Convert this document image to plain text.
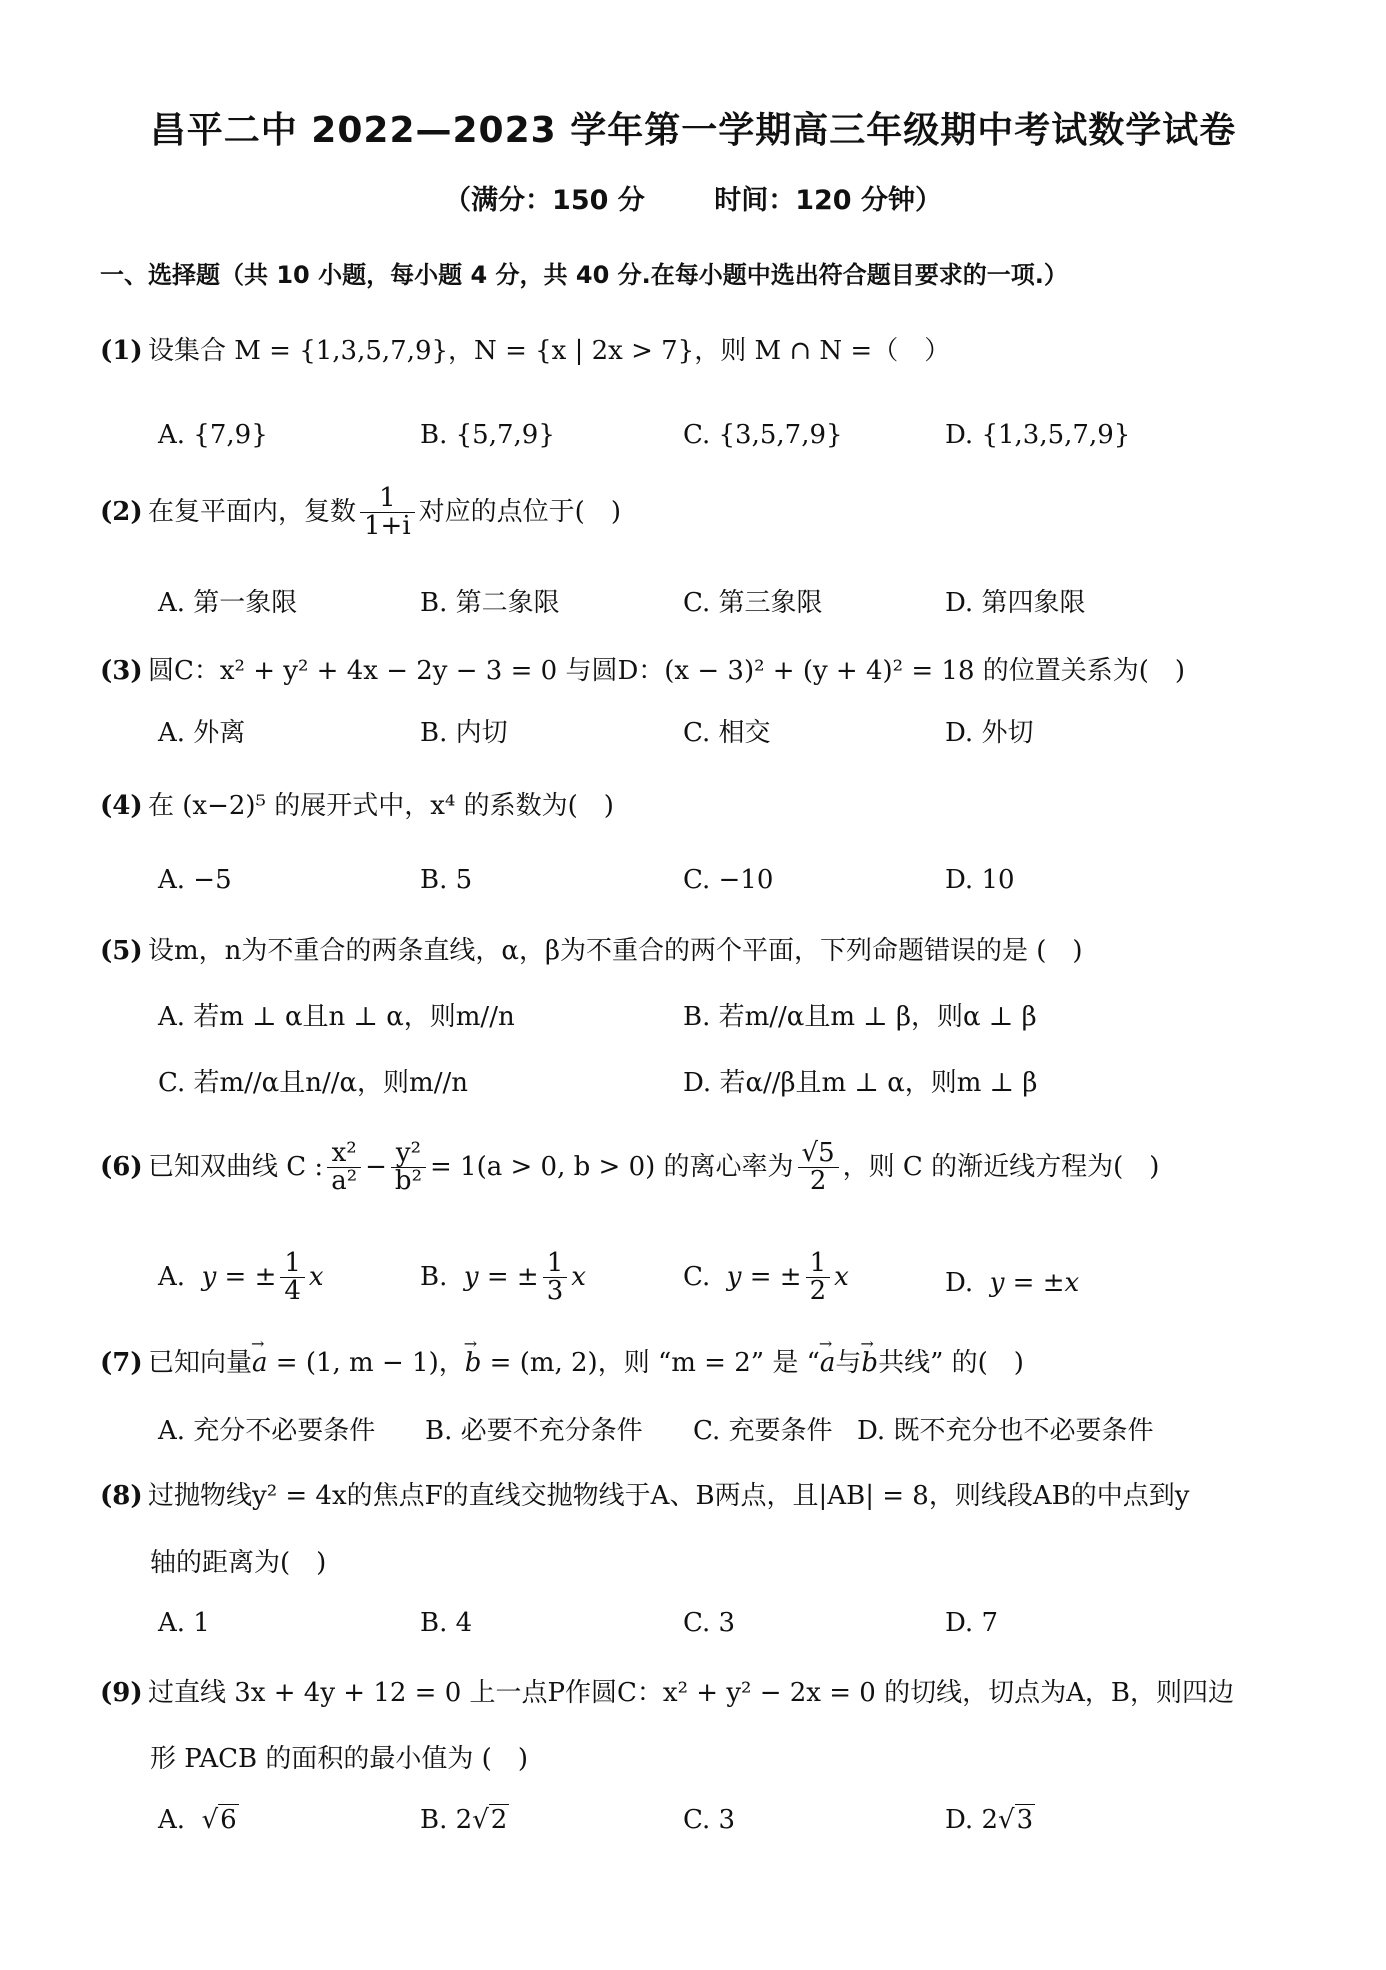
昌平二中 2022—2023 学年第一学期高三年级期中考试数学试卷
（满分：150 分	时间：120 分钟）
一、选择题（共 10 小题，每小题 4 分，共 40 分.在每小题中选出符合题目要求的一项.）
(1) 设集合 M = {1,3,5,7,9}，N = {x | 2x > 7}，则 M ∩ N =（　）
A. {7,9}	B. {5,7,9}	C. {3,5,7,9}	D. {1,3,5,7,9}
(2) 在复平面内，复数 $\frac{1}{1+i}$ 对应的点位于(　)
A. 第一象限	B. 第二象限	C. 第三象限	D. 第四象限
(3) 圆C：x² + y² + 4x − 2y − 3 = 0 与圆D：(x − 3)² + (y + 4)² = 18 的位置关系为(　)
A. 外离	B. 内切	C. 相交	D. 外切
(4) 在 (x−2)⁵ 的展开式中，x⁴ 的系数为(　)
A. −5	B. 5	C. −10	D. 10
(5) 设m，n为不重合的两条直线，α，β为不重合的两个平面，下列命题错误的是 (　)
A. 若m ⊥ α且n ⊥ α，则m//n	B. 若m//α且m ⊥ β，则α ⊥ β
C. 若m//α且n//α，则m//n	D. 若α//β且m ⊥ α，则m ⊥ β
(6) 已知双曲线 C : $\frac{\text{x²}}{\text{a²}} - \frac{\text{y²}}{\text{b²}} = 1(a > 0$, b > 0) 的离心率为 $\frac{√5}{2}$ ，则 C 的渐近线方程为(　)
A. y = ± $\frac{1}{4}$ x	B. y = ± $\frac{1}{3}$ x	C. y = ± $\frac{1}{2}$ x	D. y = ±x
(7) 已知向量a → = (1, m − 1)，b → = (m, 2)，则 “m = 2” 是 “a →与b →共线” 的(　)
A. 充分不必要条件 B. 必要不充分条件 C. 充要条件 D. 既不充分也不必要条件
(8) 过抛物线y² = 4x的焦点F的直线交抛物线于A、B两点，且|AB| = 8，则线段AB的中点到y
轴的距离为(　)
A. 1	B. 4	C. 3	D. 7
(9) 过直线 3x + 4y + 12 = 0 上一点P作圆C：x² + y² − 2x = 0 的切线，切点为A，B，则四边
形 PACB 的面积的最小值为 (　)
A. √6	B. 2√2	C. 3	D. 2√3
